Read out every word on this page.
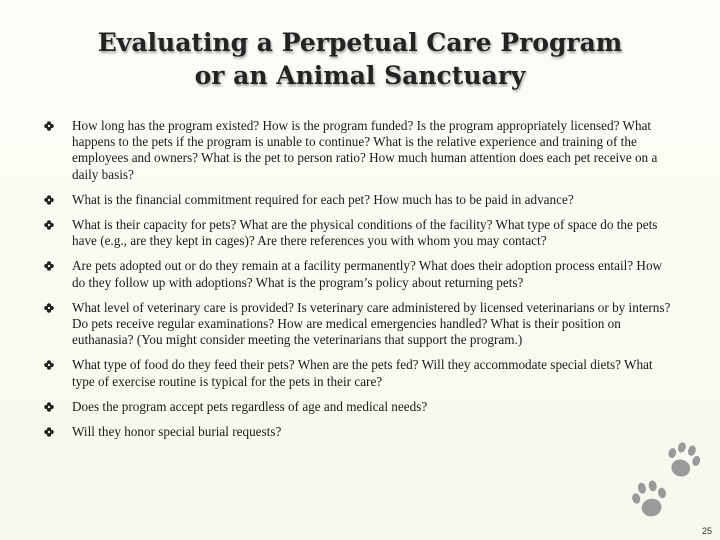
Evaluating a Perpetual Care Program
or an Animal Sanctuary
How long has the program existed? How is the program funded? Is the program appropriately licensed? What happens to the pets if the program is unable to continue? What is the relative experience and training of the employees and owners? What is the pet to person ratio? How much human attention does each pet receive on a daily basis?
What is the financial commitment required for each pet? How much has to be paid in advance?
What is their capacity for pets? What are the physical conditions of the facility? What type of space do the pets have (e.g., are they kept in cages)? Are there references you with whom you may contact?
Are pets adopted out or do they remain at a facility permanently? What does their adoption process entail? How do they follow up with adoptions? What is the program’s policy about returning pets?
What level of veterinary care is provided? Is veterinary care administered by licensed veterinarians or by interns? Do pets receive regular examinations? How are medical emergencies handled? What is their position on euthanasia? (You might consider meeting the veterinarians that support the program.)
What type of food do they feed their pets? When are the pets fed? Will they accommodate special diets? What type of exercise routine is typical for the pets in their care?
Does the program accept pets regardless of age and medical needs?
Will they honor special burial requests?
25
